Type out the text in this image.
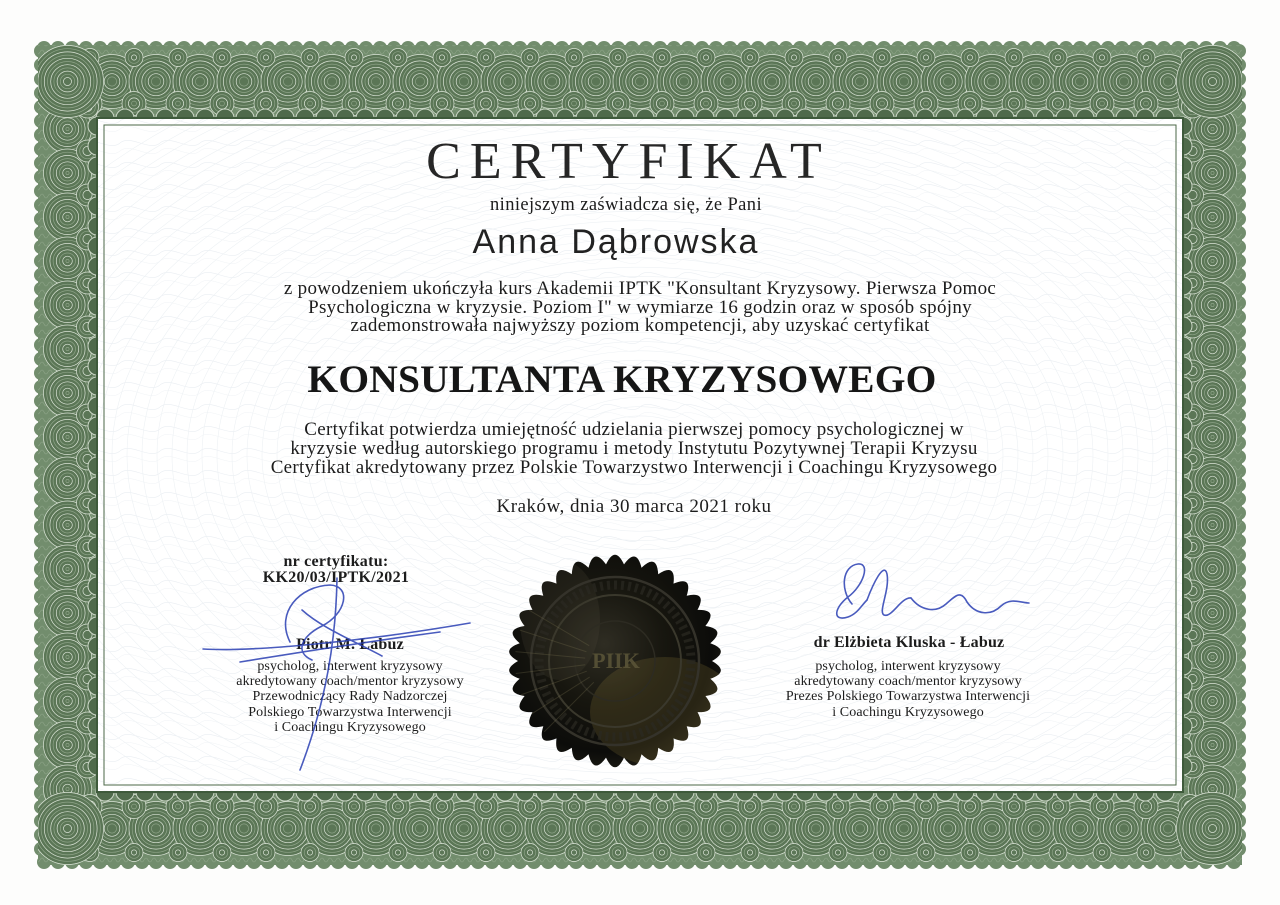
PIIK
CERTYFIKAT
niniejszym zaświadcza się, że Pani
Anna Dąbrowska
z powodzeniem ukończyła kurs Akademii IPTK "Konsultant Kryzysowy. Pierwsza Pomoc
Psychologiczna w kryzysie. Poziom I" w wymiarze 16 godzin oraz w sposób spójny
zademonstrowała najwyższy poziom kompetencji, aby uzyskać certyfikat
KONSULTANTA KRYZYSOWEGO
Certyfikat potwierdza umiejętność udzielania pierwszej pomocy psychologicznej w
kryzysie według autorskiego programu i metody Instytutu Pozytywnej Terapii Kryzysu
Certyfikat akredytowany przez Polskie Towarzystwo Interwencji i Coachingu Kryzysowego
Kraków, dnia 30 marca 2021 roku
nr certyfikatu:
KK20/03/IPTK/2021
Piotr M. Łabuz
psycholog, interwent kryzysowy
akredytowany coach/mentor kryzysowy
Przewodniczący Rady Nadzorczej
Polskiego Towarzystwa Interwencji
i Coachingu Kryzysowego
dr Elżbieta Kluska - Łabuz
psycholog, interwent kryzysowy
akredytowany coach/mentor kryzysowy
Prezes Polskiego Towarzystwa Interwencji
i Coachingu Kryzysowego
